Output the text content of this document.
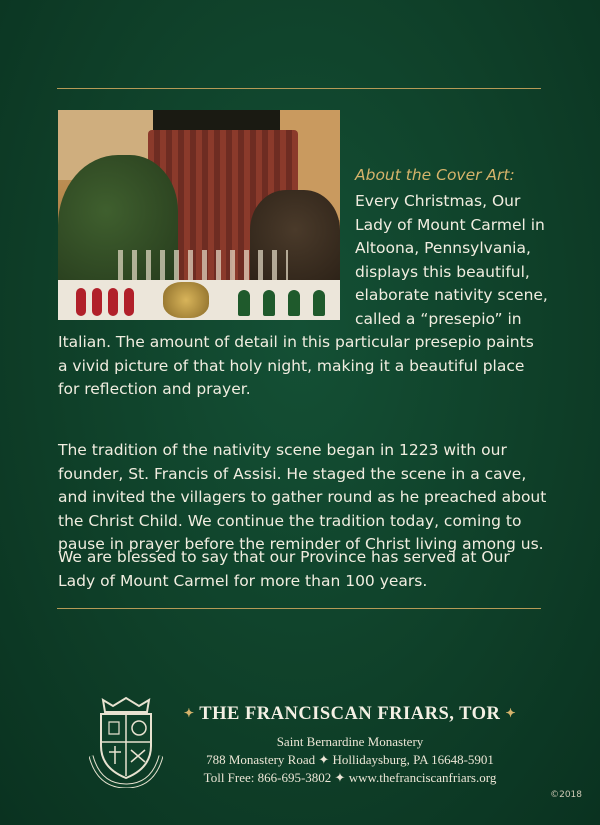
About the Cover Art:

Every Christmas, Our Lady of Mount Carmel in Altoona, Pennsylvania, displays this beautiful, elaborate nativity scene, called a “presepio” in

Italian. The amount of detail in this particular presepio paints a vivid picture of that holy night, making it a beautiful place for reflection and prayer.

The tradition of the nativity scene began in 1223 with our founder, St. Francis of Assisi. He staged the scene in a cave, and invited the villagers to gather round as he preached about the Christ Child. We continue the tradition today, coming to pause in prayer before the reminder of Christ living among us.

We are blessed to say that our Province has served at Our Lady of Mount Carmel for more than 100 years.

✦ THE FRANCISCAN FRIARS, TOR ✦

Saint Bernardine Monastery

788 Monastery Road ✦ Hollidaysburg, PA 16648-5901

Toll Free: 866-695-3802 ✦ www.thefranciscanfriars.org

©2018
